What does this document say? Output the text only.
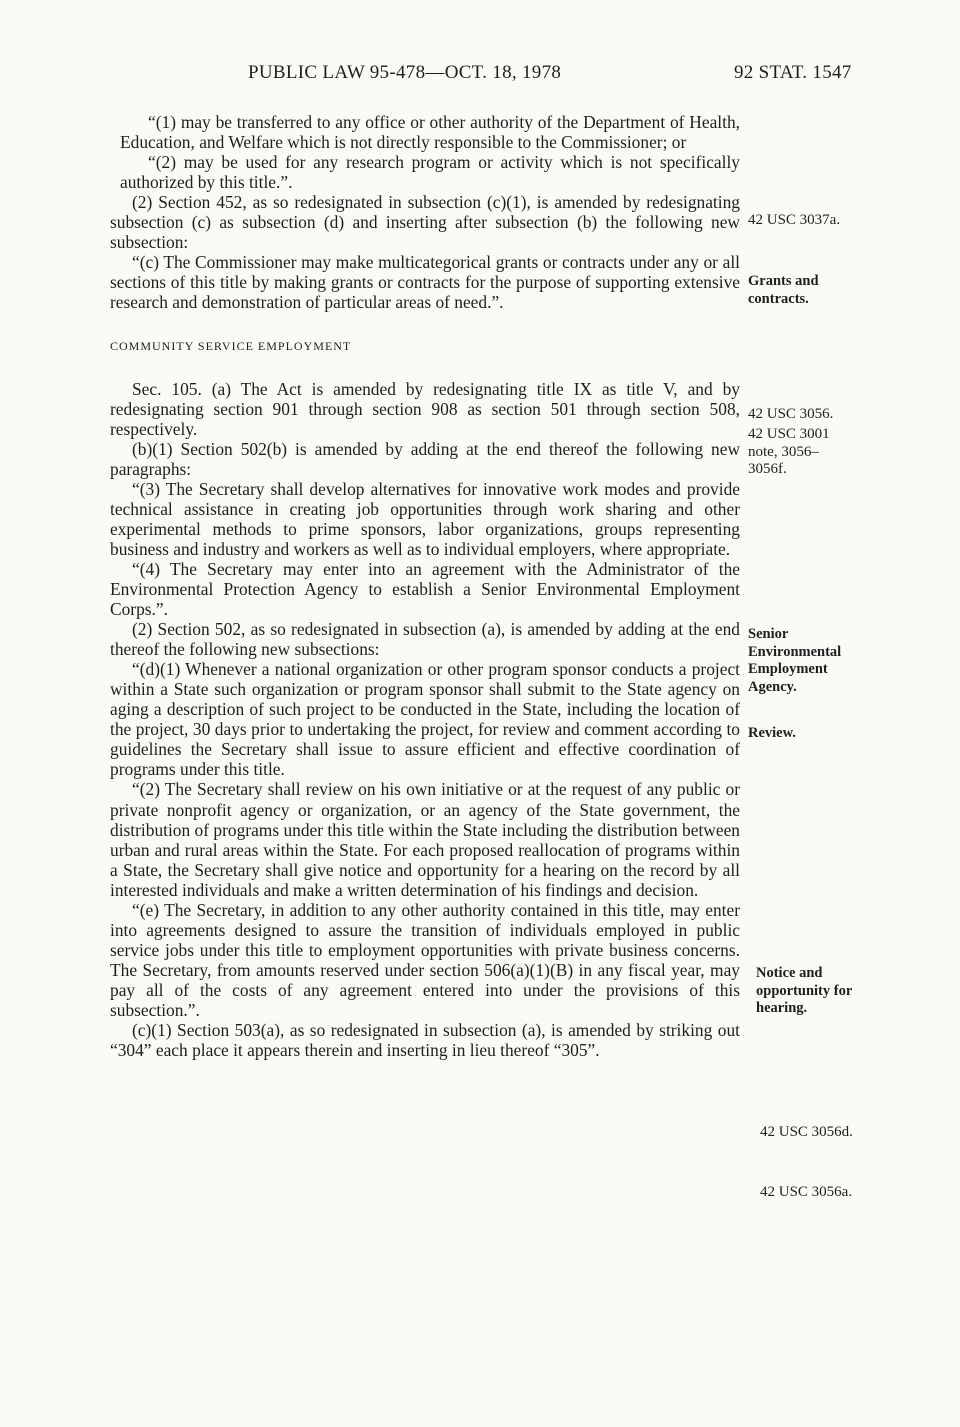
PUBLIC LAW 95-478—OCT. 18, 1978	92 STAT. 1547

“(1) may be transferred to any office or other authority of the Department of Health, Education, and Welfare which is not directly responsible to the Commissioner; or

“(2) may be used for any research program or activity which is not specifically authorized by this title.”.

(2) Section 452, as so redesignated in subsection (c)(1), is amended by redesignating subsection (c) as subsection (d) and inserting after subsection (b) the following new subsection:

“(c) The Commissioner may make multicategorical grants or contracts under any or all sections of this title by making grants or contracts for the purpose of supporting extensive research and demonstration of particular areas of need.”.

COMMUNITY SERVICE EMPLOYMENT

Sec. 105. (a) The Act is amended by redesignating title IX as title V, and by redesignating section 901 through section 908 as section 501 through section 508, respectively.

(b)(1) Section 502(b) is amended by adding at the end thereof the following new paragraphs:

“(3) The Secretary shall develop alternatives for innovative work modes and provide technical assistance in creating job opportunities through work sharing and other experimental methods to prime sponsors, labor organizations, groups representing business and industry and workers as well as to individual employers, where appropriate.

“(4) The Secretary may enter into an agreement with the Administrator of the Environmental Protection Agency to establish a Senior Environmental Employment Corps.”.

(2) Section 502, as so redesignated in subsection (a), is amended by adding at the end thereof the following new subsections:

“(d)(1) Whenever a national organization or other program sponsor conducts a project within a State such organization or program sponsor shall submit to the State agency on aging a description of such project to be conducted in the State, including the location of the project, 30 days prior to undertaking the project, for review and comment according to guidelines the Secretary shall issue to assure efficient and effective coordination of programs under this title.

“(2) The Secretary shall review on his own initiative or at the request of any public or private nonprofit agency or organization, or an agency of the State government, the distribution of programs under this title within the State including the distribution between urban and rural areas within the State. For each proposed reallocation of programs within a State, the Secretary shall give notice and opportunity for a hearing on the record by all interested individuals and make a written determination of his findings and decision.

“(e) The Secretary, in addition to any other authority contained in this title, may enter into agreements designed to assure the transition of individuals employed in public service jobs under this title to employment opportunities with private business concerns. The Secretary, from amounts reserved under section 506(a)(1)(B) in any fiscal year, may pay all of the costs of any agreement entered into under the provisions of this subsection.”.

(c)(1) Section 503(a), as so redesignated in subsection (a), is amended by striking out “304” each place it appears therein and inserting in lieu thereof “305”.

42 USC 3037a.
Grants and contracts.
42 USC 3056.
42 USC 3001 note, 3056–3056f.
Senior Environmental Employment Agency.
Review.
Notice and opportunity for hearing.
42 USC 3056d.
42 USC 3056a.
